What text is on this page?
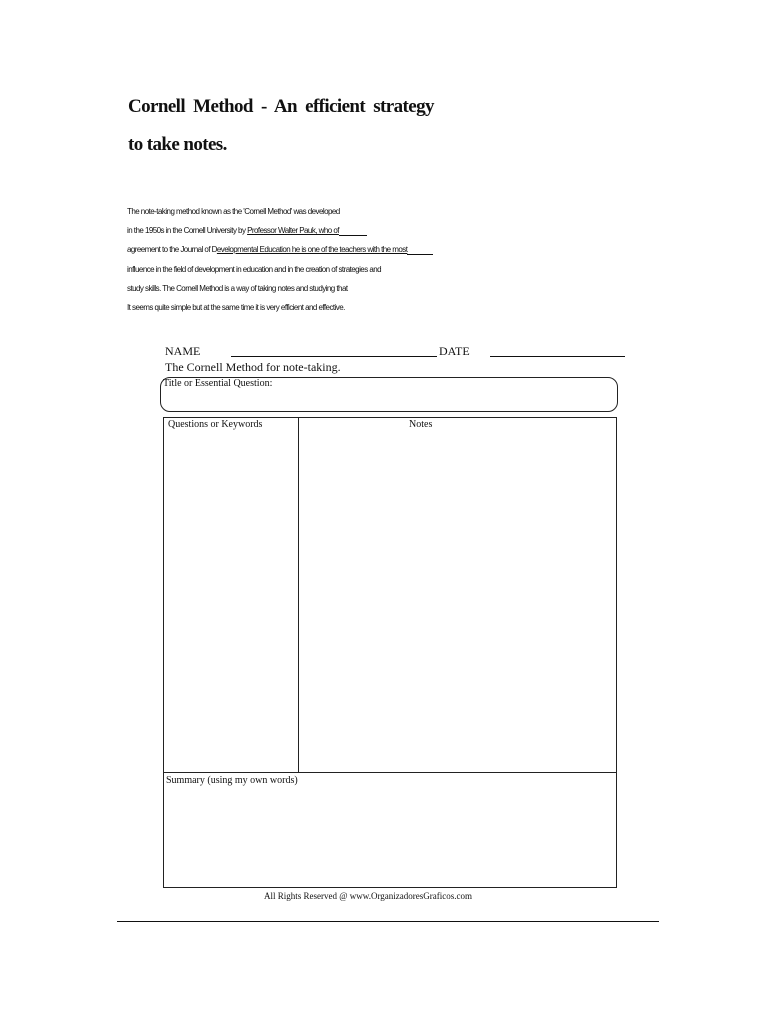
Cornell Method - An efficient strategy
to take notes.
The note-taking method known as the 'Cornell Method' was developed
in the 1950s in the Cornell University by Professor Walter Pauk, who of
agreement to the Journal of Developmental Education he is one of the teachers with the most
influence in the field of development in education and in the creation of strategies and
study skills. The Cornell Method is a way of taking notes and studying that
It seems quite simple but at the same time it is very efficient and effective.
NAME	DATE
The Cornell Method for note-taking.
Title or Essential Question:
Questions or Keywords	Notes
Summary (using my own words)
All Rights Reserved @ www.OrganizadoresGraficos.com
